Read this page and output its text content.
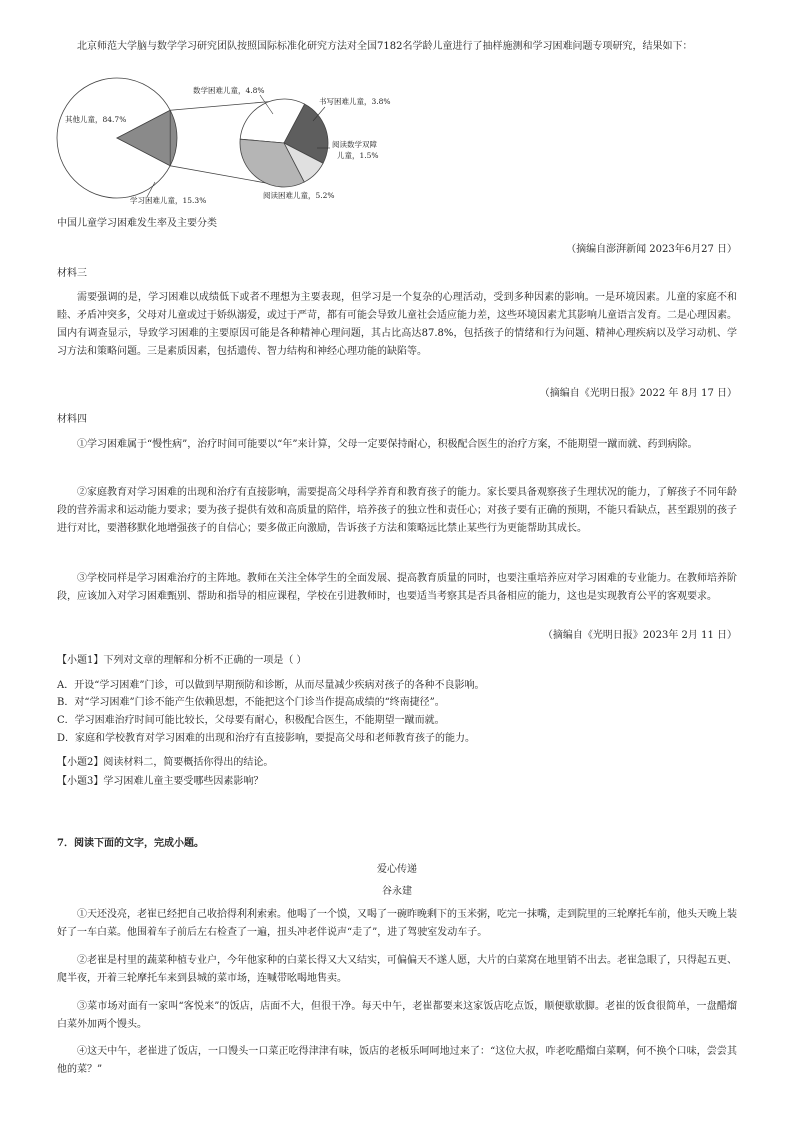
北京师范大学脑与数学学习研究团队按照国际标准化研究方法对全国7182名学龄儿童进行了抽样施测和学习困难问题专项研究，结果如下：
其他儿童，84.7%
学习困难儿童，15.3%
数学困难儿童，4.8%
书写困难儿童，3.8%
阅读数学双障
儿童，1.5%
阅读困难儿童，5.2%
中国儿童学习困难发生率及主要分类
（摘编自澎湃新闻 2023年6月27 日）
材料三
需要强调的是，学习困难以成绩低下或者不理想为主要表现，但学习是一个复杂的心理活动，受到多种因素的影响。一是环境因素。儿童的家庭不和睦、矛盾冲突多，父母对儿童或过于娇纵溺爱，或过于严苛，都有可能会导致儿童社会适应能力差，这些环境因素尤其影响儿童语言发育。二是心理因素。国内有调查显示，导致学习困难的主要原因可能是各种精神心理问题，其占比高达87.8%，包括孩子的情绪和行为问题、精神心理疾病以及学习动机、学习方法和策略问题。三是素质因素，包括遗传、智力结构和神经心理功能的缺陷等。
（摘编自《光明日报》2022 年 8月 17 日）
材料四
①学习困难属于“慢性病”，治疗时间可能要以“年”来计算，父母一定要保持耐心，积极配合医生的治疗方案，不能期望一蹴而就、药到病除。
②家庭教育对学习困难的出现和治疗有直接影响，需要提高父母科学养育和教育孩子的能力。家长要具备观察孩子生理状况的能力，了解孩子不同年龄段的营养需求和运动能力要求；要为孩子提供有效和高质量的陪伴，培养孩子的独立性和责任心；对孩子要有正确的预期，不能只看缺点，甚至跟别的孩子进行对比，要潜移默化地增强孩子的自信心；要多做正向激励，告诉孩子方法和策略远比禁止某些行为更能帮助其成长。
③学校同样是学习困难治疗的主阵地。教师在关注全体学生的全面发展、提高教育质量的同时，也要注重培养应对学习困难的专业能力。在教师培养阶段，应该加入对学习困难甄别、帮助和指导的相应课程，学校在引进教师时，也要适当考察其是否具备相应的能力，这也是实现教育公平的客观要求。
（摘编自《光明日报》2023年 2月 11 日）
【小题1】下列对文章的理解和分析不正确的一项是（ ）
A．开设“学习困难”门诊，可以做到早期预防和诊断，从而尽量减少疾病对孩子的各种不良影响。
B．对“学习困难”门诊不能产生依赖思想，不能把这个门诊当作提高成绩的“终南捷径”。
C．学习困难治疗时间可能比较长，父母要有耐心，积极配合医生，不能期望一蹴而就。
D．家庭和学校教育对学习困难的出现和治疗有直接影响，要提高父母和老师教育孩子的能力。
【小题2】阅读材料二，简要概括你得出的结论。
【小题3】学习困难儿童主要受哪些因素影响？
7．阅读下面的文字，完成小题。
爱心传递
谷永建
①天还没亮，老崔已经把自己收拾得利利索索。他喝了一个馍，又喝了一碗昨晚剩下的玉米粥，吃完一抹嘴，走到院里的三轮摩托车前，他头天晚上装好了一车白菜。他围着车子前后左右检查了一遍，扭头冲老伴说声“走了”，进了驾驶室发动车子。
②老崔是村里的蔬菜种植专业户，今年他家种的白菜长得又大又结实，可偏偏天不遂人愿，大片的白菜窝在地里销不出去。老崔急眼了，只得起五更、爬半夜，开着三轮摩托车来到县城的菜市场，连喊带吆喝地售卖。
③菜市场对面有一家叫“客悦来”的饭店，店面不大，但很干净。每天中午，老崔都要来这家饭店吃点饭，顺便歇歇脚。老崔的饭食很简单，一盘醋熘白菜外加两个馒头。
④这天中午，老崔进了饭店，一口馒头一口菜正吃得津津有味，饭店的老板乐呵呵地过来了：“这位大叔，咋老吃醋熘白菜啊，何不换个口味，尝尝其他的菜？”
